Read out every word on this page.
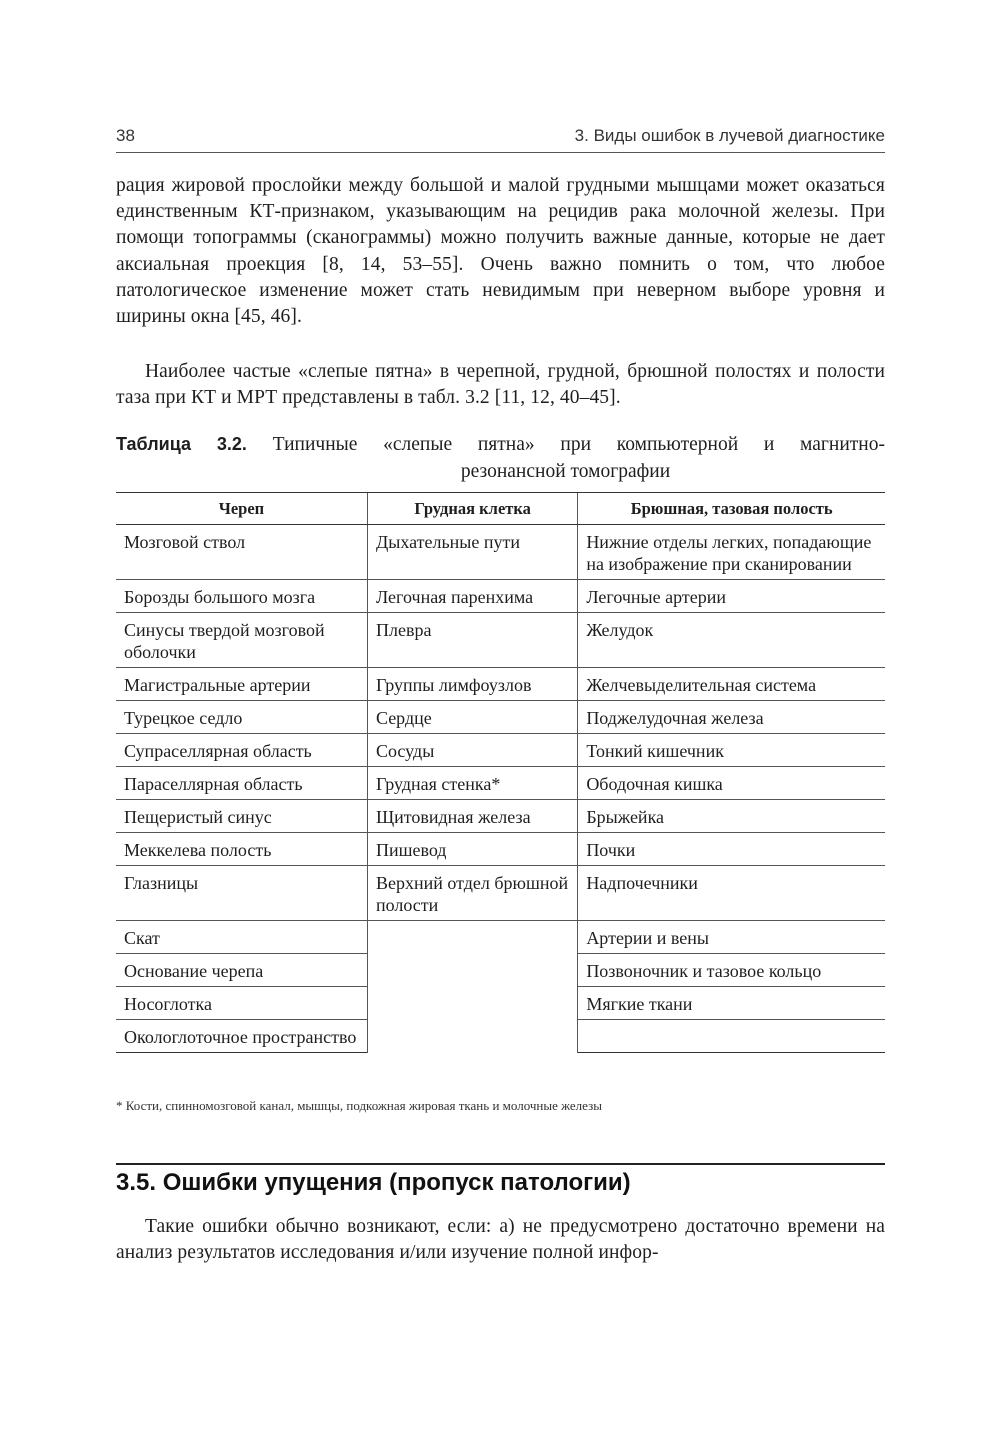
38	3. Виды ошибок в лучевой диагностике

рация жировой прослойки между большой и малой грудными мышцами может оказаться единственным КТ-признаком, указывающим на рецидив рака молочной железы. При помощи топограммы (сканограммы) можно получить важные данные, которые не дает аксиальная проекция [8, 14, 53–55]. Очень важно помнить о том, что любое патологическое изменение может стать невидимым при неверном выборе уровня и ширины окна [45, 46].

Наиболее частые «слепые пятна» в черепной, грудной, брюшной полостях и полости таза при КТ и МРТ представлены в табл. 3.2 [11, 12, 40–45].

Таблица 3.2. Типичные «слепые пятна» при компьютерной и магнитно-
резонансной томографии
Череп	Грудная клетка	Брюшная, тазовая полость
Мозговой ствол	Дыхательные пути	Нижние отделы легких, попадающие на изображение при сканировании
Борозды большого мозга	Легочная паренхима	Легочные артерии
Синусы твердой мозговой оболочки	Плевра	Желудок
Магистральные артерии	Группы лимфоузлов	Желчевыделительная система
Турецкое седло	Сердце	Поджелудочная железа
Супраселлярная область	Сосуды	Тонкий кишечник
Параселлярная область	Грудная стенка*	Ободочная кишка
Пещеристый синус	Щитовидная железа	Брыжейка
Меккелева полость	Пишевод	Почки
Глазницы	Верхний отдел брюшной полости	Надпочечники
Скат		Артерии и вены
Основание черепа		Позвоночник и тазовое кольцо
Носоглотка		Мягкие ткани
Окологлоточное пространство		
* Кости, спинномозговой канал, мышцы, подкожная жировая ткань и молочные железы
3.5. Ошибки упущения (пропуск патологии)

Такие ошибки обычно возникают, если: а) не предусмотрено достаточно времени на анализ результатов исследования и/или изучение полной инфор-
